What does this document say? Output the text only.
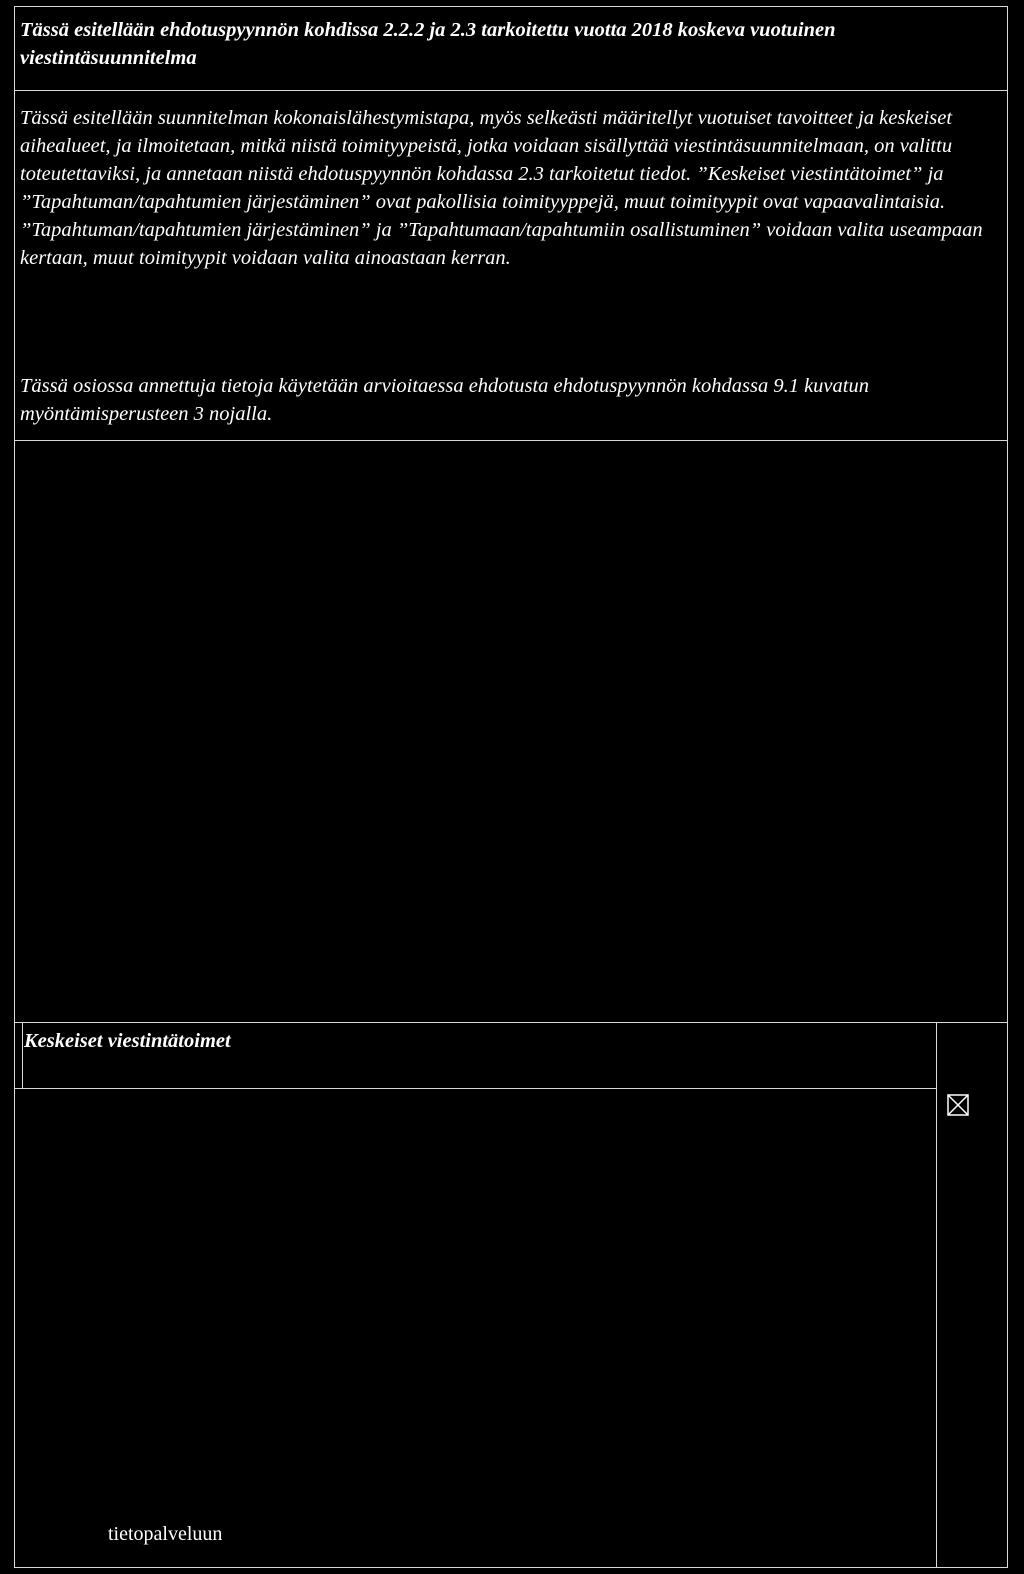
Tässä esitellään ehdotuspyynnön kohdissa 2.2.2 ja 2.3 tarkoitettu vuotta 2018 koskeva vuotuinen viestintäsuunnitelma
Tässä esitellään suunnitelman kokonaislähestymistapa, myös selkeästi määritellyt vuotuiset tavoitteet ja keskeiset aihealueet, ja ilmoitetaan, mitkä niistä toimityypeistä, jotka voidaan sisällyttää viestintäsuunnitelmaan, on valittu toteutettaviksi, ja annetaan niistä ehdotuspyynnön kohdassa 2.3 tarkoitetut tiedot. ”Keskeiset viestintätoimet” ja ”Tapahtuman/tapahtumien järjestäminen” ovat pakollisia toimityyppejä, muut toimityypit ovat vapaavalintaisia. ”Tapahtuman/tapahtumien järjestäminen” ja ”Tapahtumaan/tapahtumiin osallistuminen” voidaan valita useampaan kertaan, muut toimityypit voidaan valita ainoastaan kerran.
Tässä osiossa annettuja tietoja käytetään arvioitaessa ehdotusta ehdotuspyynnön kohdassa 9.1 kuvatun myöntämisperusteen 3 nojalla.
Keskeiset viestintätoimet
tietopalveluun
